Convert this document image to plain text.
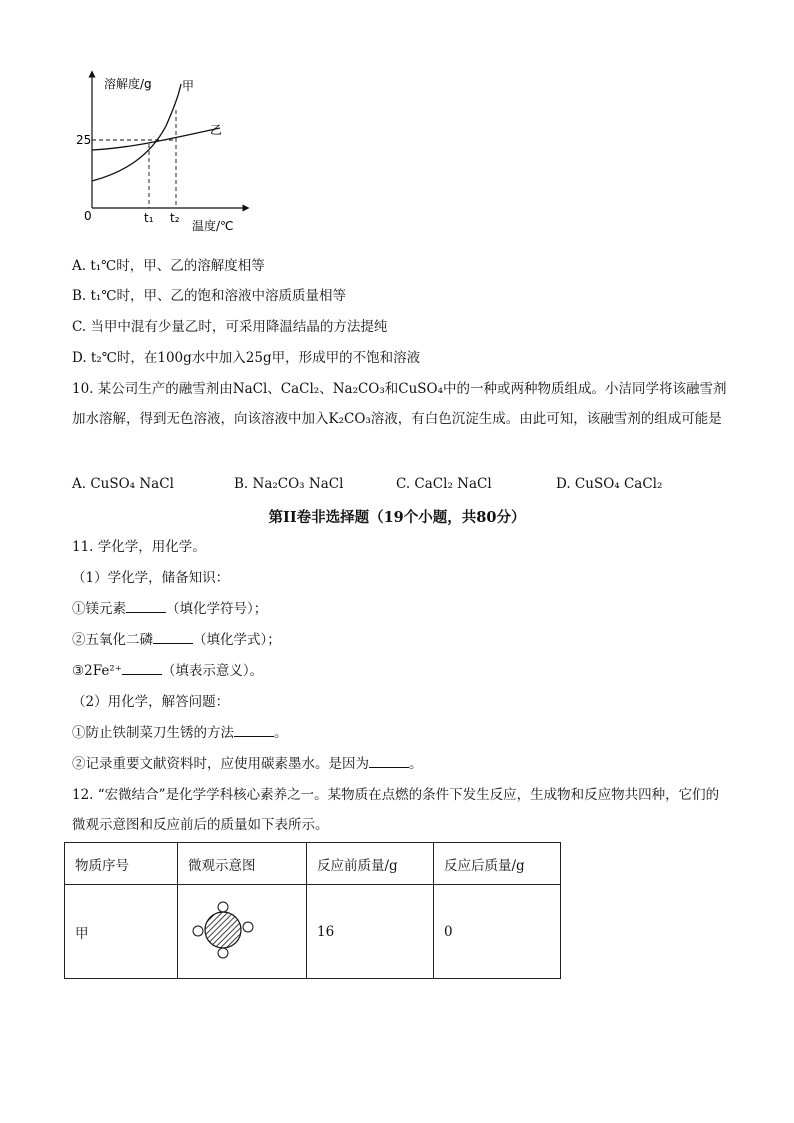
溶解度/g
温度/℃
25
0	t₁ t₂
甲
乙
A. t₁℃时，甲、乙的溶解度相等
B. t₁℃时，甲、乙的饱和溶液中溶质质量相等
C. 当甲中混有少量乙时，可采用降温结晶的方法提纯
D. t₂℃时，在100g水中加入25g甲，形成甲的不饱和溶液
10. 某公司生产的融雪剂由NaCl、CaCl₂、Na₂CO₃和CuSO₄中的一种或两种物质组成。小洁同学将该融雪剂加水溶解，得到无色溶液，向该溶液中加入K₂CO₃溶液，有白色沉淀生成。由此可知，该融雪剂的组成可能是
A. CuSO₄ NaCl	B. Na₂CO₃ NaCl	C. CaCl₂ NaCl	D. CuSO₄ CaCl₂
第II卷非选择题（19个小题，共80分）
11. 学化学，用化学。
（1）学化学，储备知识：
①镁元素	（填化学符号）；
②五氧化二磷	（填化学式）；
③2Fe²⁺	（填表示意义）。
（2）用化学，解答问题：
①防止铁制菜刀生锈的方法	。
②记录重要文献资料时，应使用碳素墨水。是因为	。
12. “宏微结合”是化学学科核心素养之一。某物质在点燃的条件下发生反应，生成物和反应物共四种，它们的微观示意图和反应前后的质量如下表所示。
物质序号	微观示意图	反应前质量/g	反应后质量/g
甲		16	0
